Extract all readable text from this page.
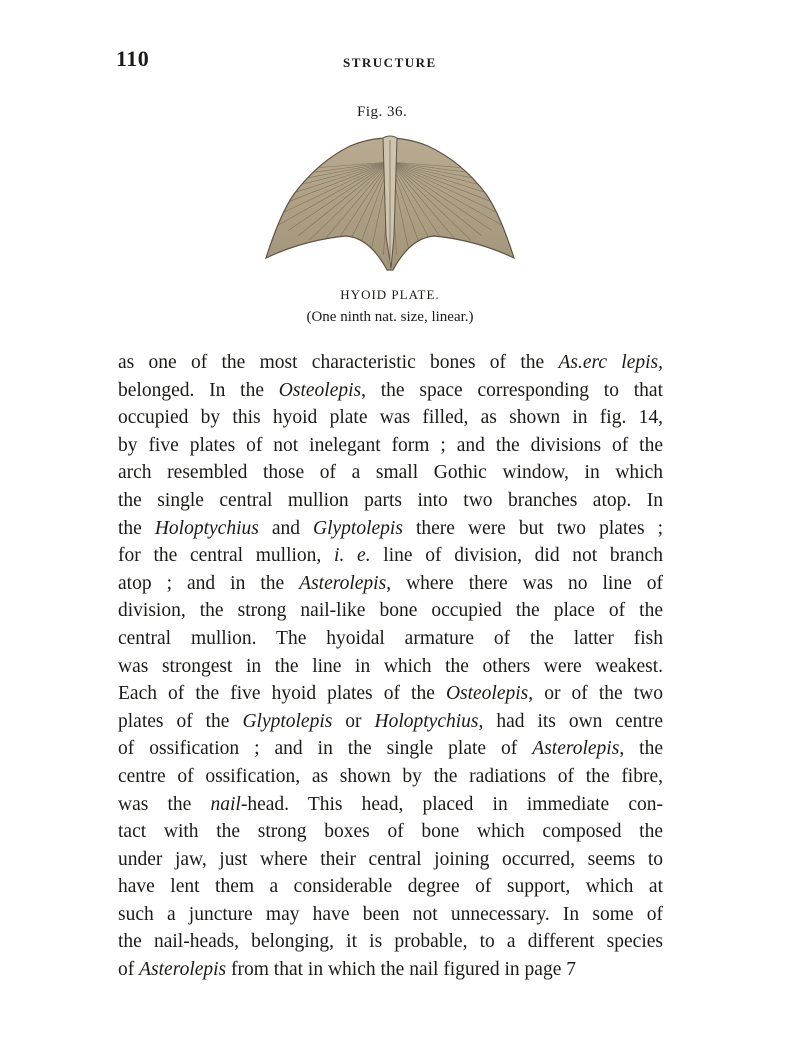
110	STRUCTURE
Fig. 36.
HYOID PLATE.
(One ninth nat. size, linear.)
as one of the most characteristic bones of the As.erc lepis,
belonged. In the Osteolepis, the space corresponding to that
occupied by this hyoid plate was filled, as shown in fig. 14,
by five plates of not inelegant form ; and the divisions of the
arch resembled those of a small Gothic window, in which
the single central mullion parts into two branches atop. In
the Holoptychius and Glyptolepis there were but two plates ;
for the central mullion, i. e. line of division, did not branch
atop ; and in the Asterolepis, where there was no line of
division, the strong nail-like bone occupied the place of the
central mullion. The hyoidal armature of the latter fish
was strongest in the line in which the others were weakest.
Each of the five hyoid plates of the Osteolepis, or of the two
plates of the Glyptolepis or Holoptychius, had its own centre
of ossification ; and in the single plate of Asterolepis, the
centre of ossification, as shown by the radiations of the fibre,
was the nail-head. This head, placed in immediate con-
tact with the strong boxes of bone which composed the
under jaw, just where their central joining occurred, seems to
have lent them a considerable degree of support, which at
such a juncture may have been not unnecessary. In some of
the nail-heads, belonging, it is probable, to a different species
of Asterolepis from that in which the nail figured in page 7
